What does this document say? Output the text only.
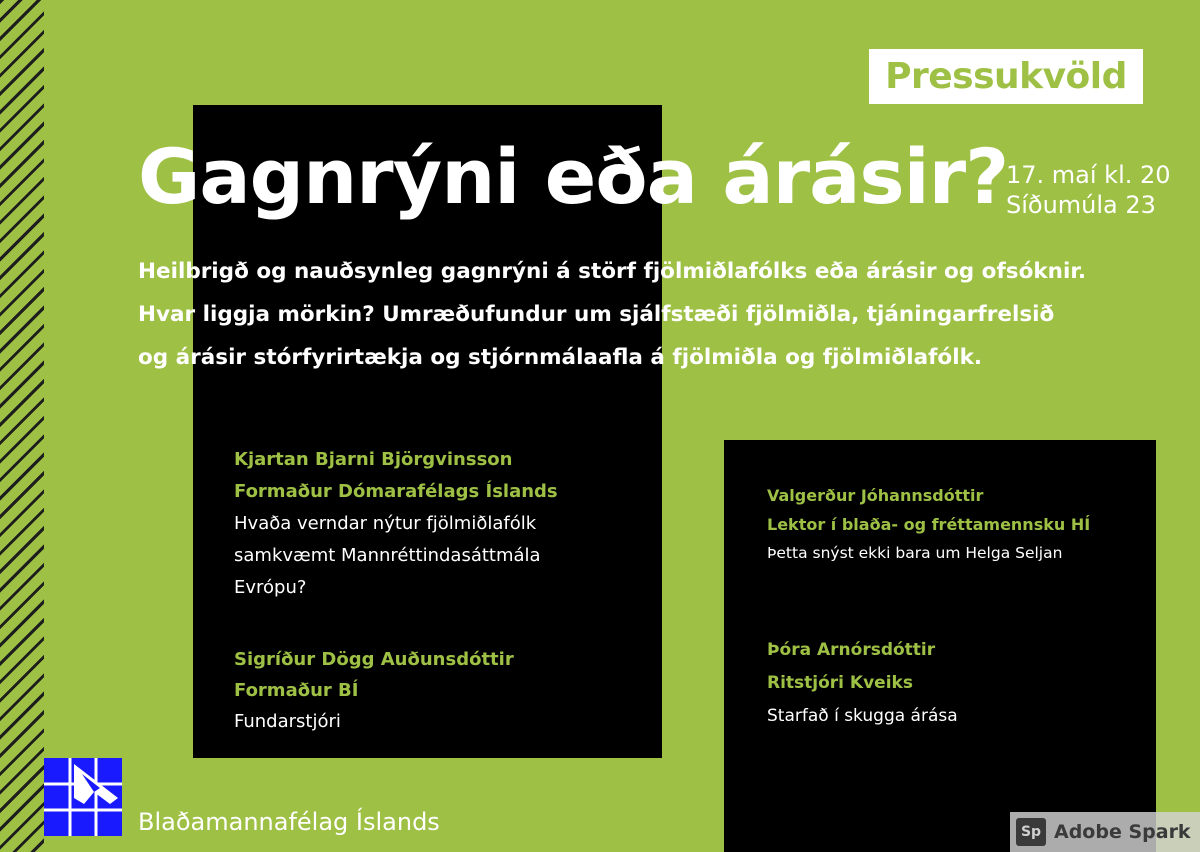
Pressukvöld
Gagnrýni eða árásir?
17. maí kl. 20
Síðumúla 23
Heilbrigð og nauðsynleg gagnrýni á störf fjölmiðlafólks eða árásir og ofsóknir.
Hvar liggja mörkin? Umræðufundur um sjálfstæði fjölmiðla, tjáningarfrelsið
og árásir stórfyrirtækja og stjórnmálaafla á fjölmiðla og fjölmiðlafólk.
Kjartan Bjarni Björgvinsson
Formaður Dómarafélags Íslands
Hvaða verndar nýtur fjölmiðlafólk
samkvæmt Mannréttindasáttmála
Evrópu?
Sigríður Dögg Auðunsdóttir
Formaður BÍ
Fundarstjóri
Valgerður Jóhannsdóttir
Lektor í blaða- og fréttamennsku HÍ
Þetta snýst ekki bara um Helga Seljan
Þóra Arnórsdóttir
Ritstjóri Kveiks
Starfað í skugga árása
Blaðamannafélag Íslands	Sp Adobe Spark
